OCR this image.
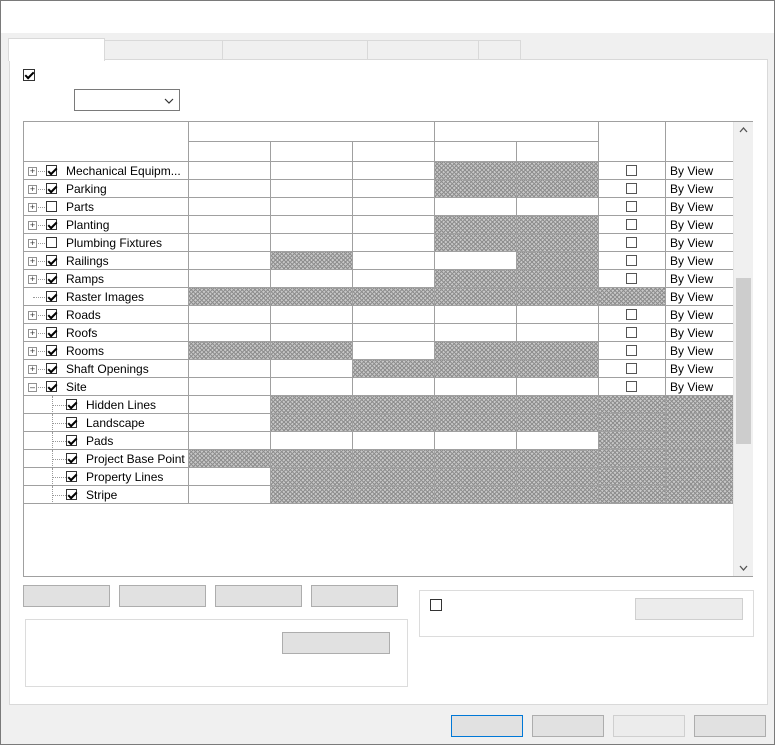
+	Mechanical Equipm...	By View
+	Parking	By View
+	Parts	By View
+	Planting	By View
+	Plumbing Fixtures	By View
+	Railings	By View
+	Ramps	By View
Raster Images	By View
+	Roads	By View
+	Roofs	By View
+	Rooms	By View
+	Shaft Openings	By View
–	Site	By View
Hidden Lines
Landscape
Pads
Project Base Point
Property Lines
Stripe
